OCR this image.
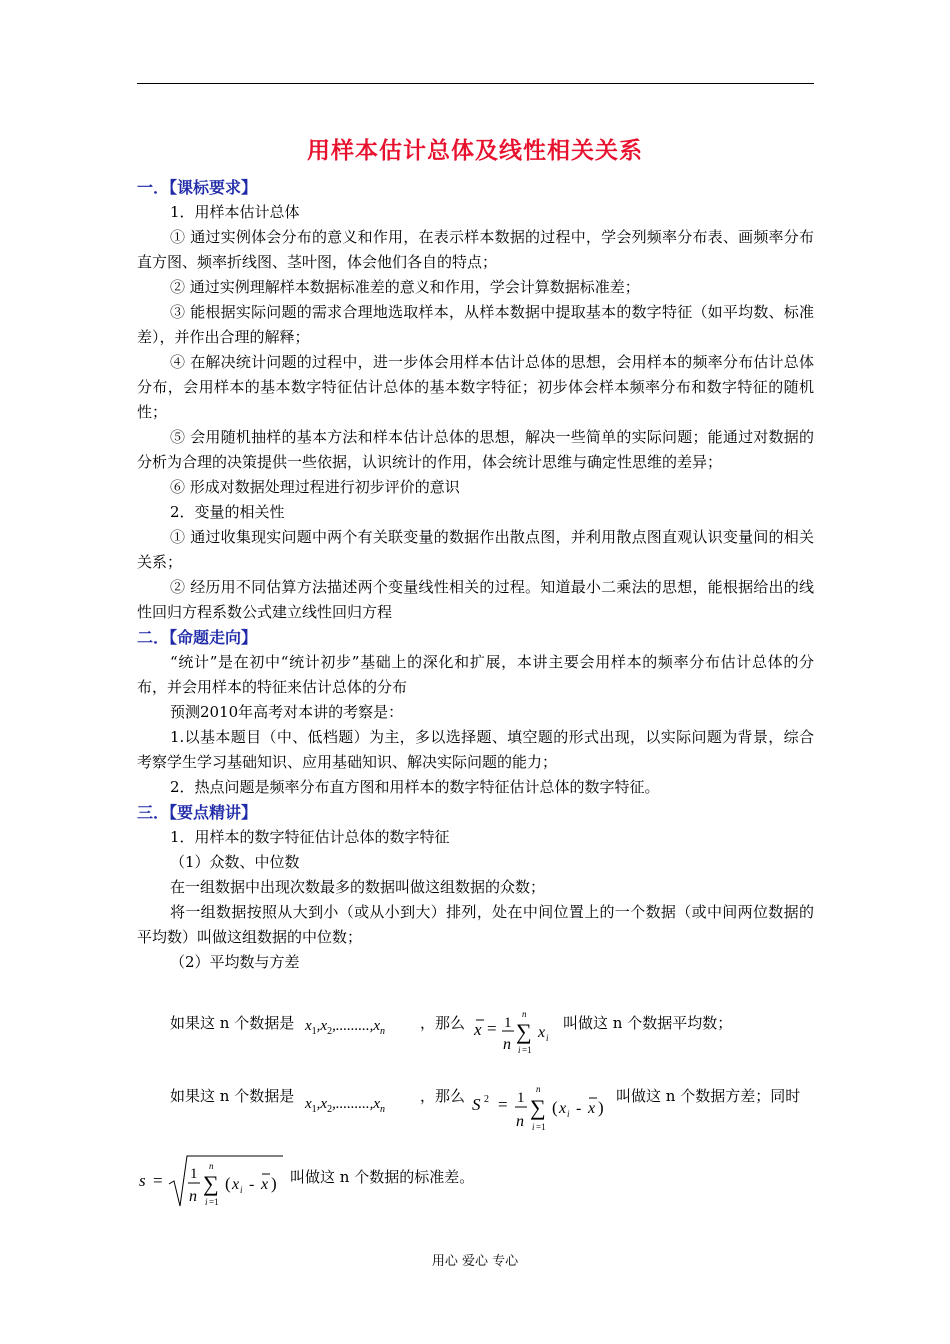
用样本估计总体及线性相关关系
一．【课标要求】
1．用样本估计总体
① 通过实例体会分布的意义和作用，在表示样本数据的过程中，学会列频率分布表、画频率分布直方图、频率折线图、茎叶图，体会他们各自的特点；
② 通过实例理解样本数据标准差的意义和作用，学会计算数据标准差；
③ 能根据实际问题的需求合理地选取样本，从样本数据中提取基本的数字特征（如平均数、标准差），并作出合理的解释；
④ 在解决统计问题的过程中，进一步体会用样本估计总体的思想，会用样本的频率分布估计总体分布，会用样本的基本数字特征估计总体的基本数字特征；初步体会样本频率分布和数字特征的随机性；
⑤ 会用随机抽样的基本方法和样本估计总体的思想，解决一些简单的实际问题；能通过对数据的分析为合理的决策提供一些依据，认识统计的作用，体会统计思维与确定性思维的差异；
⑥ 形成对数据处理过程进行初步评价的意识
2．变量的相关性
① 通过收集现实问题中两个有关联变量的数据作出散点图，并利用散点图直观认识变量间的相关关系；
② 经历用不同估算方法描述两个变量线性相关的过程。知道最小二乘法的思想，能根据给出的线性回归方程系数公式建立线性回归方程
二．【命题走向】
“统计”是在初中“统计初步”基础上的深化和扩展，本讲主要会用样本的频率分布估计总体的分布，并会用样本的特征来估计总体的分布
预测2010年高考对本讲的考察是：
1.以基本题目（中、低档题）为主，多以选择题、填空题的形式出现，以实际问题为背景，综合考察学生学习基础知识、应用基础知识、解决实际问题的能力；
2．热点问题是频率分布直方图和用样本的数字特征估计总体的数字特征。
三．【要点精讲】
1．用样本的数字特征估计总体的数字特征
（1）众数、中位数
在一组数据中出现次数最多的数据叫做这组数据的众数；
将一组数据按照从大到小（或从小到大）排列，处在中间位置上的一个数据（或中间两位数据的平均数）叫做这组数据的中位数；
（2）平均数与方差
如果这 n 个数据是 $x_1,x_2,.........,x_n$ ，那么 x = 1
n
∑
n
i =1
x i
叫做这 n 个数据平均数；
如果这 n 个数据是 $x_1,x_2,.........,x_n$
，那么 S 2 = 1
n
∑
n
i =1
( x i - x )
叫做这 n 个数据方差；同时
s = 1
n
∑
n
i =1
( x i - x ) 叫做这 n 个数据的标准差。
用心 爱心 专心
